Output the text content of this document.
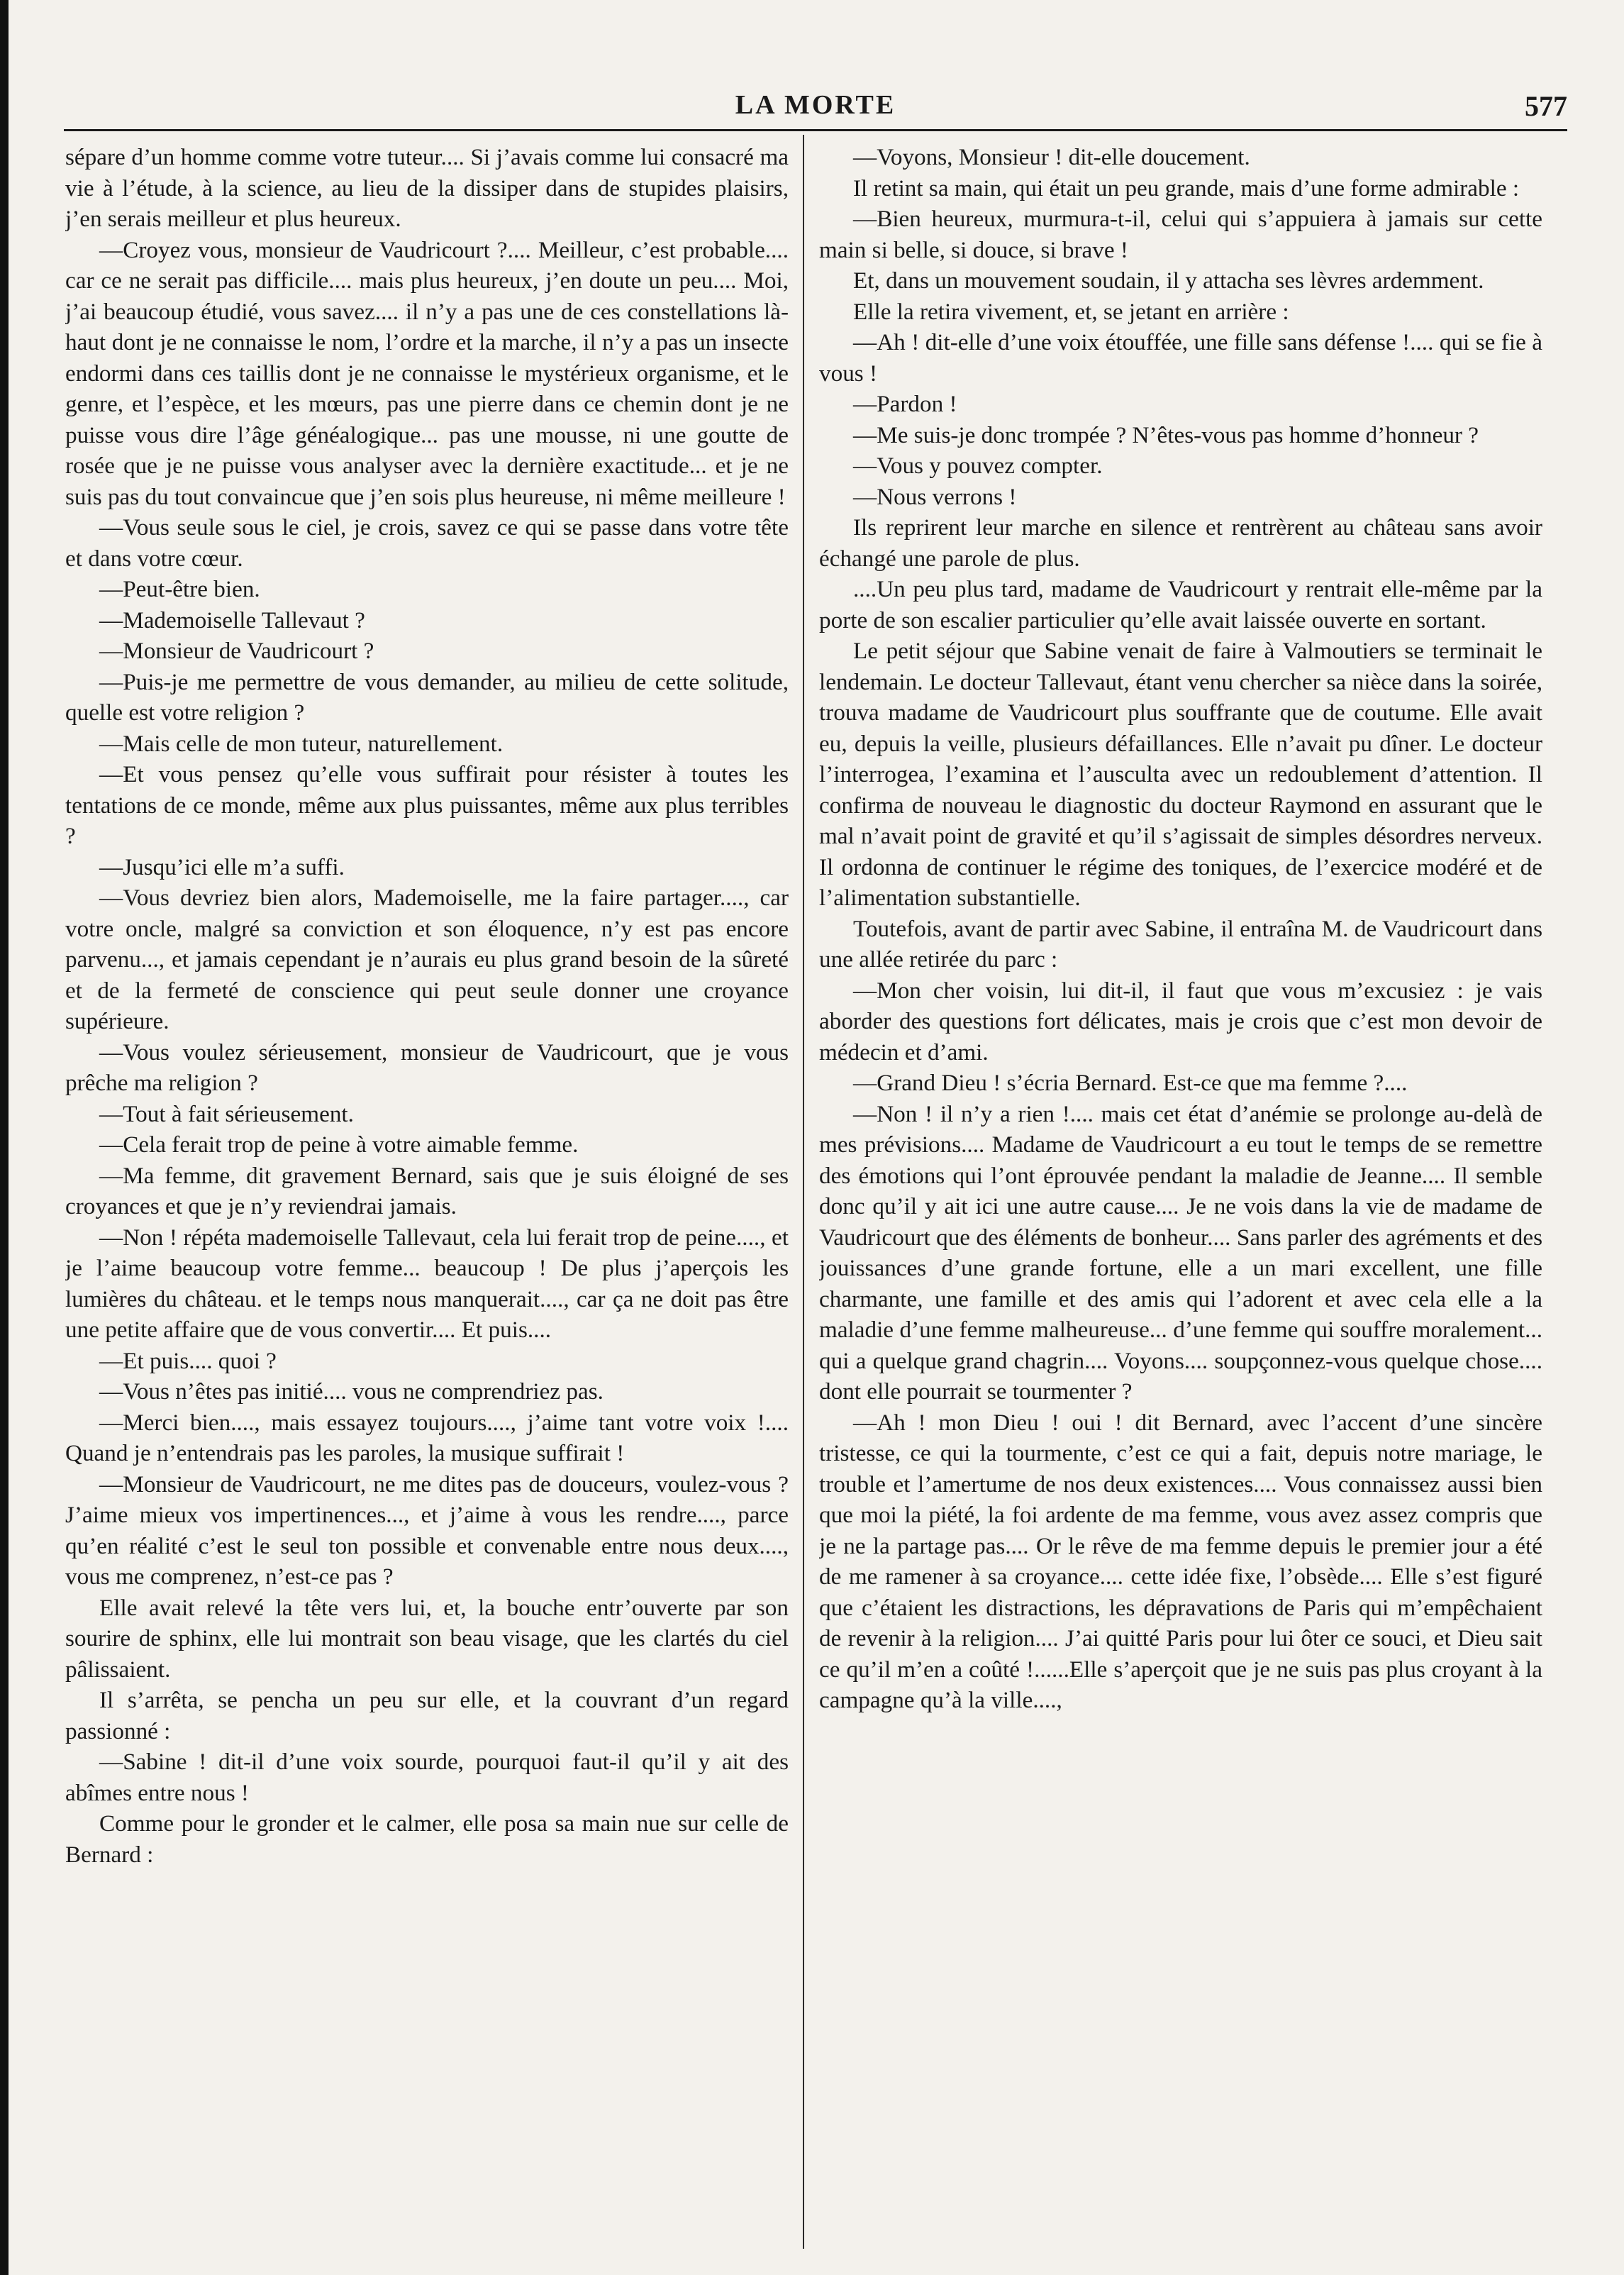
LA MORTE	577

sépare d’un homme comme votre tuteur.... Si j’avais comme lui consacré ma vie à l’étude, à la science, au lieu de la dissiper dans de stupides plaisirs, j’en serais meilleur et plus heureux.

—Croyez vous, monsieur de Vaudricourt ?.... Meilleur, c’est probable.... car ce ne serait pas difficile.... mais plus heureux, j’en doute un peu.... Moi, j’ai beaucoup étudié, vous savez.... il n’y a pas une de ces constellations là-haut dont je ne connaisse le nom, l’ordre et la marche, il n’y a pas un insecte endormi dans ces taillis dont je ne connaisse le mystérieux organisme, et le genre, et l’espèce, et les mœurs, pas une pierre dans ce chemin dont je ne puisse vous dire l’âge généalogique... pas une mousse, ni une goutte de rosée que je ne puisse vous analyser avec la dernière exactitude... et je ne suis pas du tout convaincue que j’en sois plus heureuse, ni même meilleure !

—Vous seule sous le ciel, je crois, savez ce qui se passe dans votre tête et dans votre cœur.

—Peut-être bien.

—Mademoiselle Tallevaut ?

—Monsieur de Vaudricourt ?

—Puis-je me permettre de vous demander, au milieu de cette solitude, quelle est votre religion ?

—Mais celle de mon tuteur, naturellement.

—Et vous pensez qu’elle vous suffirait pour résister à toutes les tentations de ce monde, même aux plus puissantes, même aux plus terribles ?

—Jusqu’ici elle m’a suffi.

—Vous devriez bien alors, Mademoiselle, me la faire partager...., car votre oncle, malgré sa conviction et son éloquence, n’y est pas encore parvenu..., et jamais cependant je n’aurais eu plus grand besoin de la sûreté et de la fermeté de conscience qui peut seule donner une croyance supérieure.

—Vous voulez sérieusement, monsieur de Vaudricourt, que je vous prêche ma religion ?

—Tout à fait sérieusement.

—Cela ferait trop de peine à votre aimable femme.

—Ma femme, dit gravement Bernard, sais que je suis éloigné de ses croyances et que je n’y reviendrai jamais.

—Non ! répéta mademoiselle Tallevaut, cela lui ferait trop de peine...., et je l’aime beaucoup votre femme... beaucoup ! De plus j’aperçois les lumières du château. et le temps nous manquerait...., car ça ne doit pas être une petite affaire que de vous convertir.... Et puis....

—Et puis.... quoi ?

—Vous n’êtes pas initié.... vous ne comprendriez pas.

—Merci bien...., mais essayez toujours...., j’aime tant votre voix !.... Quand je n’entendrais pas les paroles, la musique suffirait !

—Monsieur de Vaudricourt, ne me dites pas de douceurs, voulez-vous ? J’aime mieux vos impertinences..., et j’aime à vous les rendre...., parce qu’en réalité c’est le seul ton possible et convenable entre nous deux...., vous me comprenez, n’est-ce pas ?

Elle avait relevé la tête vers lui, et, la bouche entr’ouverte par son sourire de sphinx, elle lui montrait son beau visage, que les clartés du ciel pâlissaient.

Il s’arrêta, se pencha un peu sur elle, et la couvrant d’un regard passionné :

—Sabine ! dit-il d’une voix sourde, pourquoi faut-il qu’il y ait des abîmes entre nous !

Comme pour le gronder et le calmer, elle posa sa main nue sur celle de Bernard :

—Voyons, Monsieur ! dit-elle doucement.

Il retint sa main, qui était un peu grande, mais d’une forme admirable :

—Bien heureux, murmura-t-il, celui qui s’appuiera à jamais sur cette main si belle, si douce, si brave !

Et, dans un mouvement soudain, il y attacha ses lèvres ardemment.

Elle la retira vivement, et, se jetant en arrière :

—Ah ! dit-elle d’une voix étouffée, une fille sans défense !.... qui se fie à vous !

—Pardon !

—Me suis-je donc trompée ? N’êtes-vous pas homme d’honneur ?

—Vous y pouvez compter.

—Nous verrons !

Ils reprirent leur marche en silence et rentrèrent au château sans avoir échangé une parole de plus.

....Un peu plus tard, madame de Vaudricourt y rentrait elle-même par la porte de son escalier particulier qu’elle avait laissée ouverte en sortant.

Le petit séjour que Sabine venait de faire à Valmoutiers se terminait le lendemain. Le docteur Tallevaut, étant venu chercher sa nièce dans la soirée, trouva madame de Vaudricourt plus souffrante que de coutume. Elle avait eu, depuis la veille, plusieurs défaillances. Elle n’avait pu dîner. Le docteur l’interrogea, l’examina et l’ausculta avec un redoublement d’attention. Il confirma de nouveau le diagnostic du docteur Raymond en assurant que le mal n’avait point de gravité et qu’il s’agissait de simples désordres nerveux. Il ordonna de continuer le régime des toniques, de l’exercice modéré et de l’alimentation substantielle.

Toutefois, avant de partir avec Sabine, il entraîna M. de Vaudricourt dans une allée retirée du parc :

—Mon cher voisin, lui dit-il, il faut que vous m’excusiez : je vais aborder des questions fort délicates, mais je crois que c’est mon devoir de médecin et d’ami.

—Grand Dieu ! s’écria Bernard. Est-ce que ma femme ?....

—Non ! il n’y a rien !.... mais cet état d’anémie se prolonge au-delà de mes prévisions.... Madame de Vaudricourt a eu tout le temps de se remettre des émotions qui l’ont éprouvée pendant la maladie de Jeanne.... Il semble donc qu’il y ait ici une autre cause.... Je ne vois dans la vie de madame de Vaudricourt que des éléments de bonheur.... Sans parler des agréments et des jouissances d’une grande fortune, elle a un mari excellent, une fille charmante, une famille et des amis qui l’adorent et avec cela elle a la maladie d’une femme malheureuse... d’une femme qui souffre moralement... qui a quelque grand chagrin.... Voyons.... soupçonnez-vous quelque chose.... dont elle pourrait se tourmenter ?

—Ah ! mon Dieu ! oui ! dit Bernard, avec l’accent d’une sincère tristesse, ce qui la tourmente, c’est ce qui a fait, depuis notre mariage, le trouble et l’amertume de nos deux existences.... Vous connaissez aussi bien que moi la piété, la foi ardente de ma femme, vous avez assez compris que je ne la partage pas.... Or le rêve de ma femme depuis le premier jour a été de me ramener à sa croyance.... cette idée fixe, l’obsède.... Elle s’est figuré que c’étaient les distractions, les dépravations de Paris qui m’empêchaient de revenir à la religion.... J’ai quitté Paris pour lui ôter ce souci, et Dieu sait ce qu’il m’en a coûté !......Elle s’aperçoit que je ne suis pas plus croyant à la campagne qu’à la ville....,
